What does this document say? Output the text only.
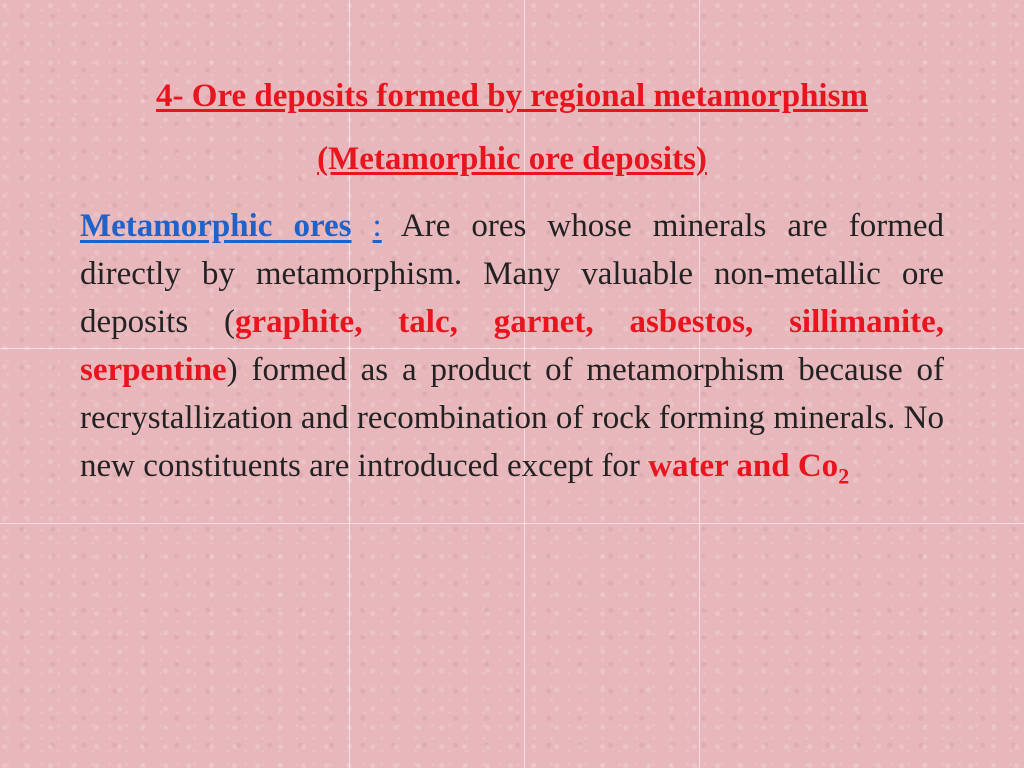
4- Ore deposits formed by regional metamorphism
(Metamorphic ore deposits)
Metamorphic ores : Are ores whose minerals are formed directly by metamorphism. Many valuable non-metallic ore deposits (graphite, talc, garnet, asbestos, sillimanite, serpentine) formed as a product of metamorphism because of recrystallization and recombination of rock forming minerals. No new constituents are introduced except for water and $Co_2$
